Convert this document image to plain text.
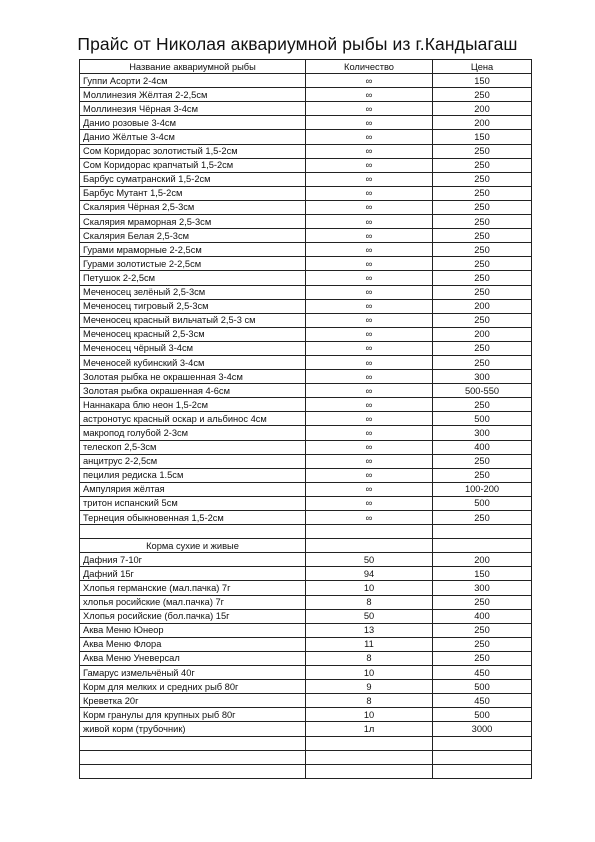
Прайс от Николая аквариумной рыбы из г.Кандыагаш
Название аквариумной рыбы	Количество	Цена
Гуппи Асорти 2-4см	∞	150
Моллинезия Жёлтая 2-2,5см	∞	250
Моллинезия Чёрная 3-4см	∞	200
Данио розовые 3-4см	∞	200
Данио Жёлтые 3-4см	∞	150
Сом Коридорас золотистый 1,5-2см	∞	250
Сом Коридорас крапчатый 1,5-2см	∞	250
Барбус суматранский 1,5-2см	∞	250
Барбус Мутант 1,5-2см	∞	250
Скалярия Чёрная 2,5-3см	∞	250
Скалярия мраморная 2,5-3см	∞	250
Скалярия Белая 2,5-3см	∞	250
Гурами мраморные 2-2,5см	∞	250
Гурами золотистые 2-2,5см	∞	250
Петушок 2-2,5см	∞	250
Меченосец зелёный 2,5-3см	∞	250
Меченосец тигровый 2,5-3см	∞	200
Меченосец красный вильчатый 2,5-3 см	∞	250
Меченосец красный 2,5-3см	∞	200
Меченосец чёрный 3-4см	∞	250
Меченосей кубинский 3-4см	∞	250
Золотая рыбка не окрашенная 3-4см	∞	300
Золотая рыбка окрашенная 4-6см	∞	500-550
Наннакара блю неон 1,5-2см	∞	250
астронотус красный оскар и альбинос 4см	∞	500
макропод голубой 2-3см	∞	300
телескоп 2,5-3см	∞	400
анцитрус 2-2,5см	∞	250
пецилия редиска 1.5см	∞	250
Ампулярия жёлтая	∞	100-200
тритон испанский 5см	∞	500
Тернеция обыкновенная 1,5-2см	∞	250

Корма сухие и живые		
Дафния 7-10г	50	200
Дафний 15г	94	150
Хлопья германские (мал.пачка) 7г	10	300
хлопья росийские (мал.пачка) 7г	8	250
Хлопья росийские (бол.пачка) 15г	50	400
Аква Меню Юнеор	13	250
Аква Меню Флора	11	250
Аква Меню Уневерсал	8	250
Гамарус измельчёный 40г	10	450
Корм для мелких и средних рыб 80г	9	500
Креветка 20г	8	450
Корм гранулы для крупных рыб 80г	10	500
живой корм (трубочник)	1л	3000
